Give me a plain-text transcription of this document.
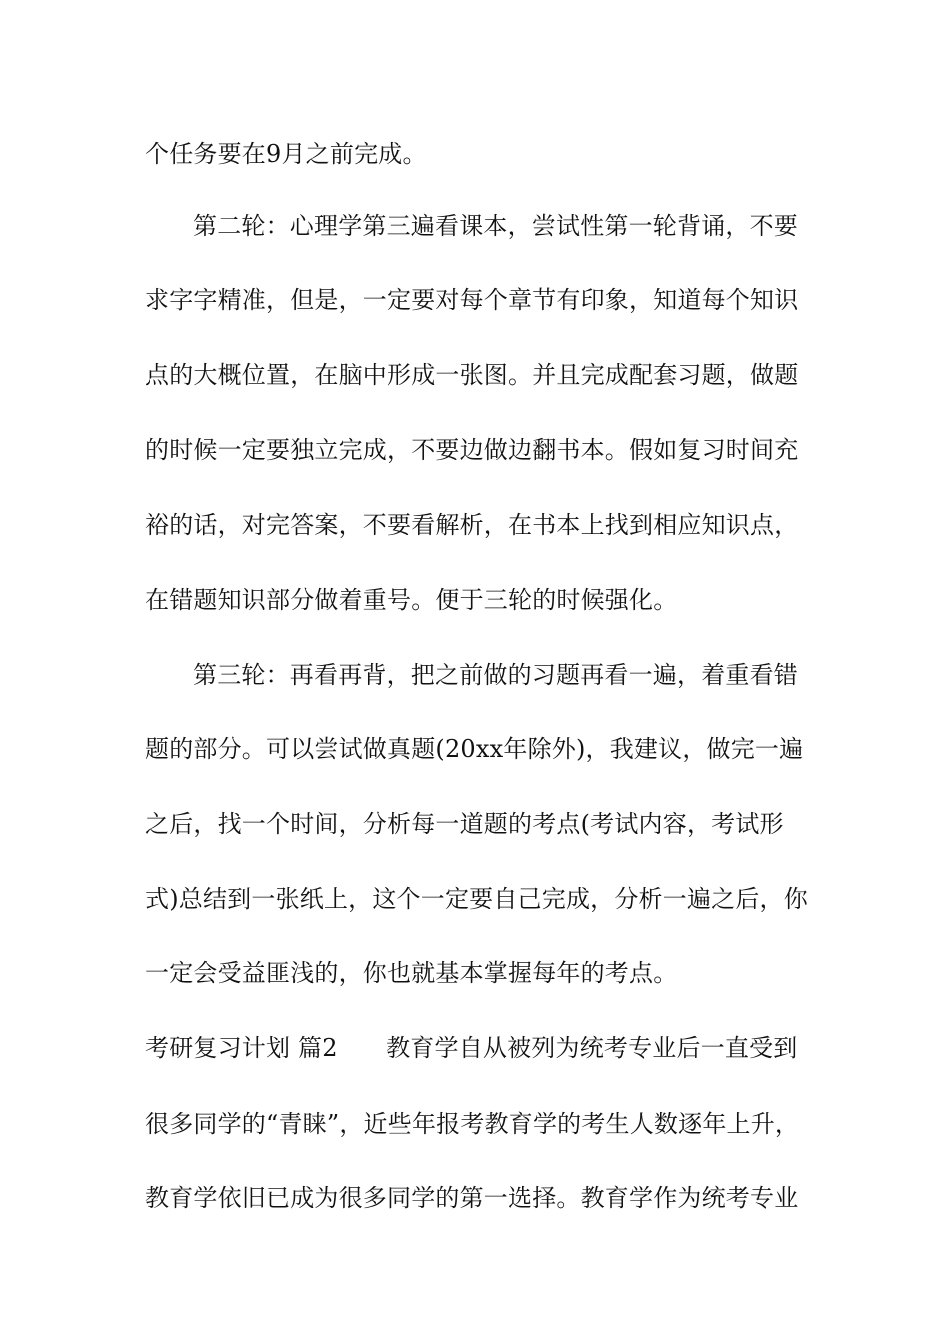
个任务要在9月之前完成。
第二轮：心理学第三遍看课本，尝试性第一轮背诵，不要
求字字精准，但是，一定要对每个章节有印象，知道每个知识
点的大概位置，在脑中形成一张图。并且完成配套习题，做题
的时候一定要独立完成，不要边做边翻书本。假如复习时间充
裕的话，对完答案，不要看解析，在书本上找到相应知识点，
在错题知识部分做着重号。便于三轮的时候强化。
第三轮：再看再背，把之前做的习题再看一遍，着重看错
题的部分。可以尝试做真题(20xx年除外)，我建议，做完一遍
之后，找一个时间，分析每一道题的考点(考试内容，考试形
式)总结到一张纸上，这个一定要自己完成，分析一遍之后，你
一定会受益匪浅的，你也就基本掌握每年的考点。
考研复习计划 篇2　　教育学自从被列为统考专业后一直受到
很多同学的“青睐”，近些年报考教育学的考生人数逐年上升，
教育学依旧已成为很多同学的第一选择。教育学作为统考专业
